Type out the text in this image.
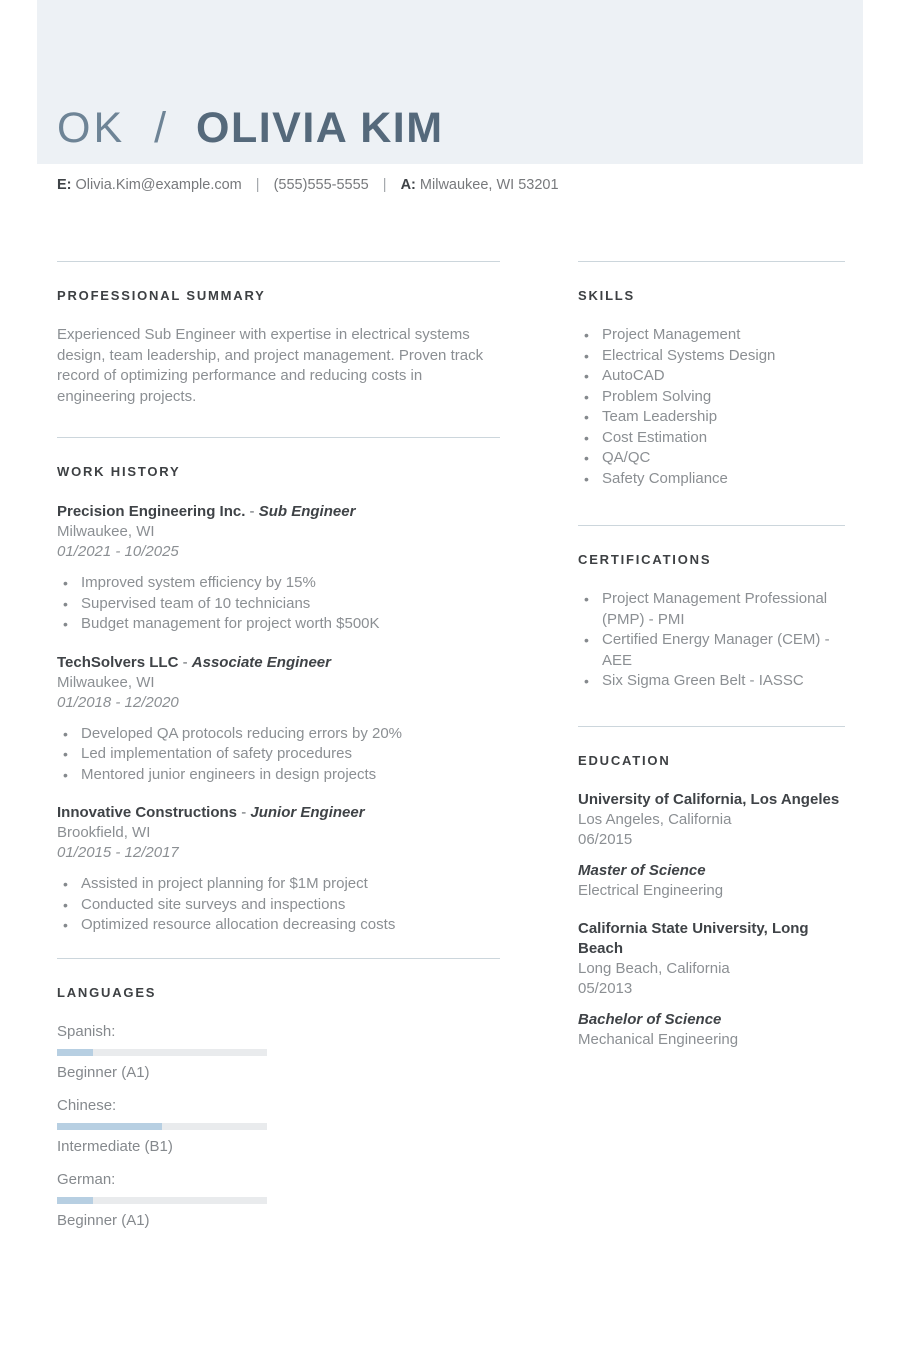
OK / OLIVIA KIM
E: Olivia.Kim@example.com | (555)555-5555 | A: Milwaukee, WI 53201
PROFESSIONAL SUMMARY

Experienced Sub Engineer with expertise in electrical systems design, team leadership, and project management. Proven track record of optimizing performance and reducing costs in engineering projects.

WORK HISTORY
Precision Engineering Inc. - Sub Engineer
Milwaukee, WI
01/2021 - 10/2025
• Improved system efficiency by 15%
• Supervised team of 10 technicians
• Budget management for project worth $500K
TechSolvers LLC - Associate Engineer
Milwaukee, WI
01/2018 - 12/2020
• Developed QA protocols reducing errors by 20%
• Led implementation of safety procedures
• Mentored junior engineers in design projects
Innovative Constructions - Junior Engineer
Brookfield, WI
01/2015 - 12/2017
• Assisted in project planning for $1M project
• Conducted site surveys and inspections
• Optimized resource allocation decreasing costs
LANGUAGES
Spanish:
Beginner (A1)
Chinese:
Intermediate (B1)
German:
Beginner (A1)
SKILLS
• Project Management
• Electrical Systems Design
• AutoCAD
• Problem Solving
• Team Leadership
• Cost Estimation
• QA/QC
• Safety Compliance
CERTIFICATIONS
• Project Management Professional (PMP) - PMI
• Certified Energy Manager (CEM) - AEE
• Six Sigma Green Belt - IASSC
EDUCATION
University of California, Los Angeles
Los Angeles, California
06/2015
Master of Science
Electrical Engineering
California State University, Long Beach
Long Beach, California
05/2013
Bachelor of Science
Mechanical Engineering
